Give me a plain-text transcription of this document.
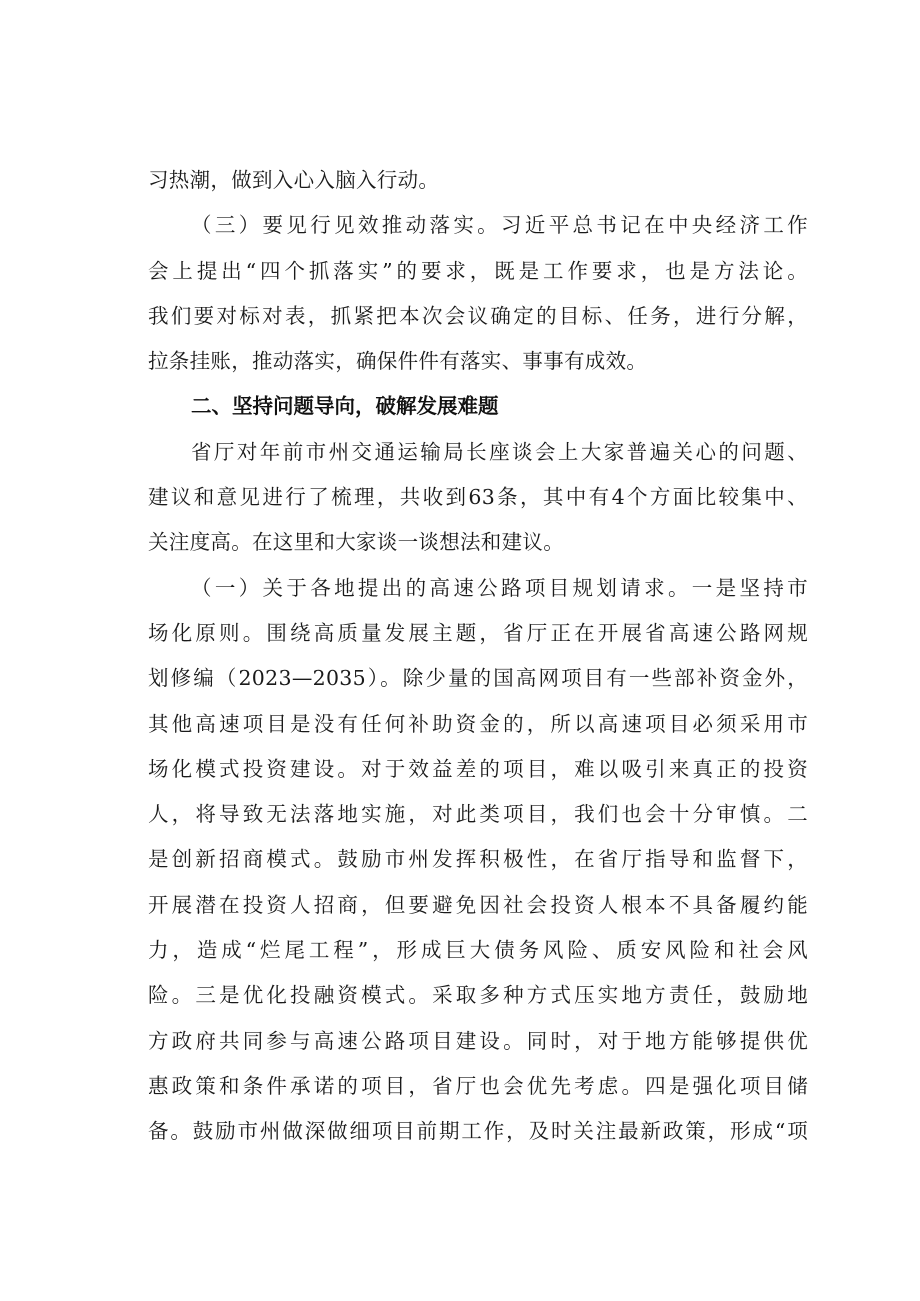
习热潮，做到入心入脑入行动。
（三）要见行见效推动落实。习近平总书记在中央经济工作
会上提出“四个抓落实”的要求，既是工作要求，也是方法论。
我们要对标对表，抓紧把本次会议确定的目标、任务，进行分解，
拉条挂账，推动落实，确保件件有落实、事事有成效。
二、坚持问题导向，破解发展难题
省厅对年前市州交通运输局长座谈会上大家普遍关心的问题、
建议和意见进行了梳理，共收到63条，其中有4个方面比较集中、
关注度高。在这里和大家谈一谈想法和建议。
（一）关于各地提出的高速公路项目规划请求。一是坚持市
场化原则。围绕高质量发展主题，省厅正在开展省高速公路网规
划修编（2023—2035）。除少量的国高网项目有一些部补资金外，
其他高速项目是没有任何补助资金的，所以高速项目必须采用市
场化模式投资建设。对于效益差的项目，难以吸引来真正的投资
人，将导致无法落地实施，对此类项目，我们也会十分审慎。二
是创新招商模式。鼓励市州发挥积极性，在省厅指导和监督下，
开展潜在投资人招商，但要避免因社会投资人根本不具备履约能
力，造成“烂尾工程”，形成巨大债务风险、质安风险和社会风
险。三是优化投融资模式。采取多种方式压实地方责任，鼓励地
方政府共同参与高速公路项目建设。同时，对于地方能够提供优
惠政策和条件承诺的项目，省厅也会优先考虑。四是强化项目储
备。鼓励市州做深做细项目前期工作，及时关注最新政策，形成“项
